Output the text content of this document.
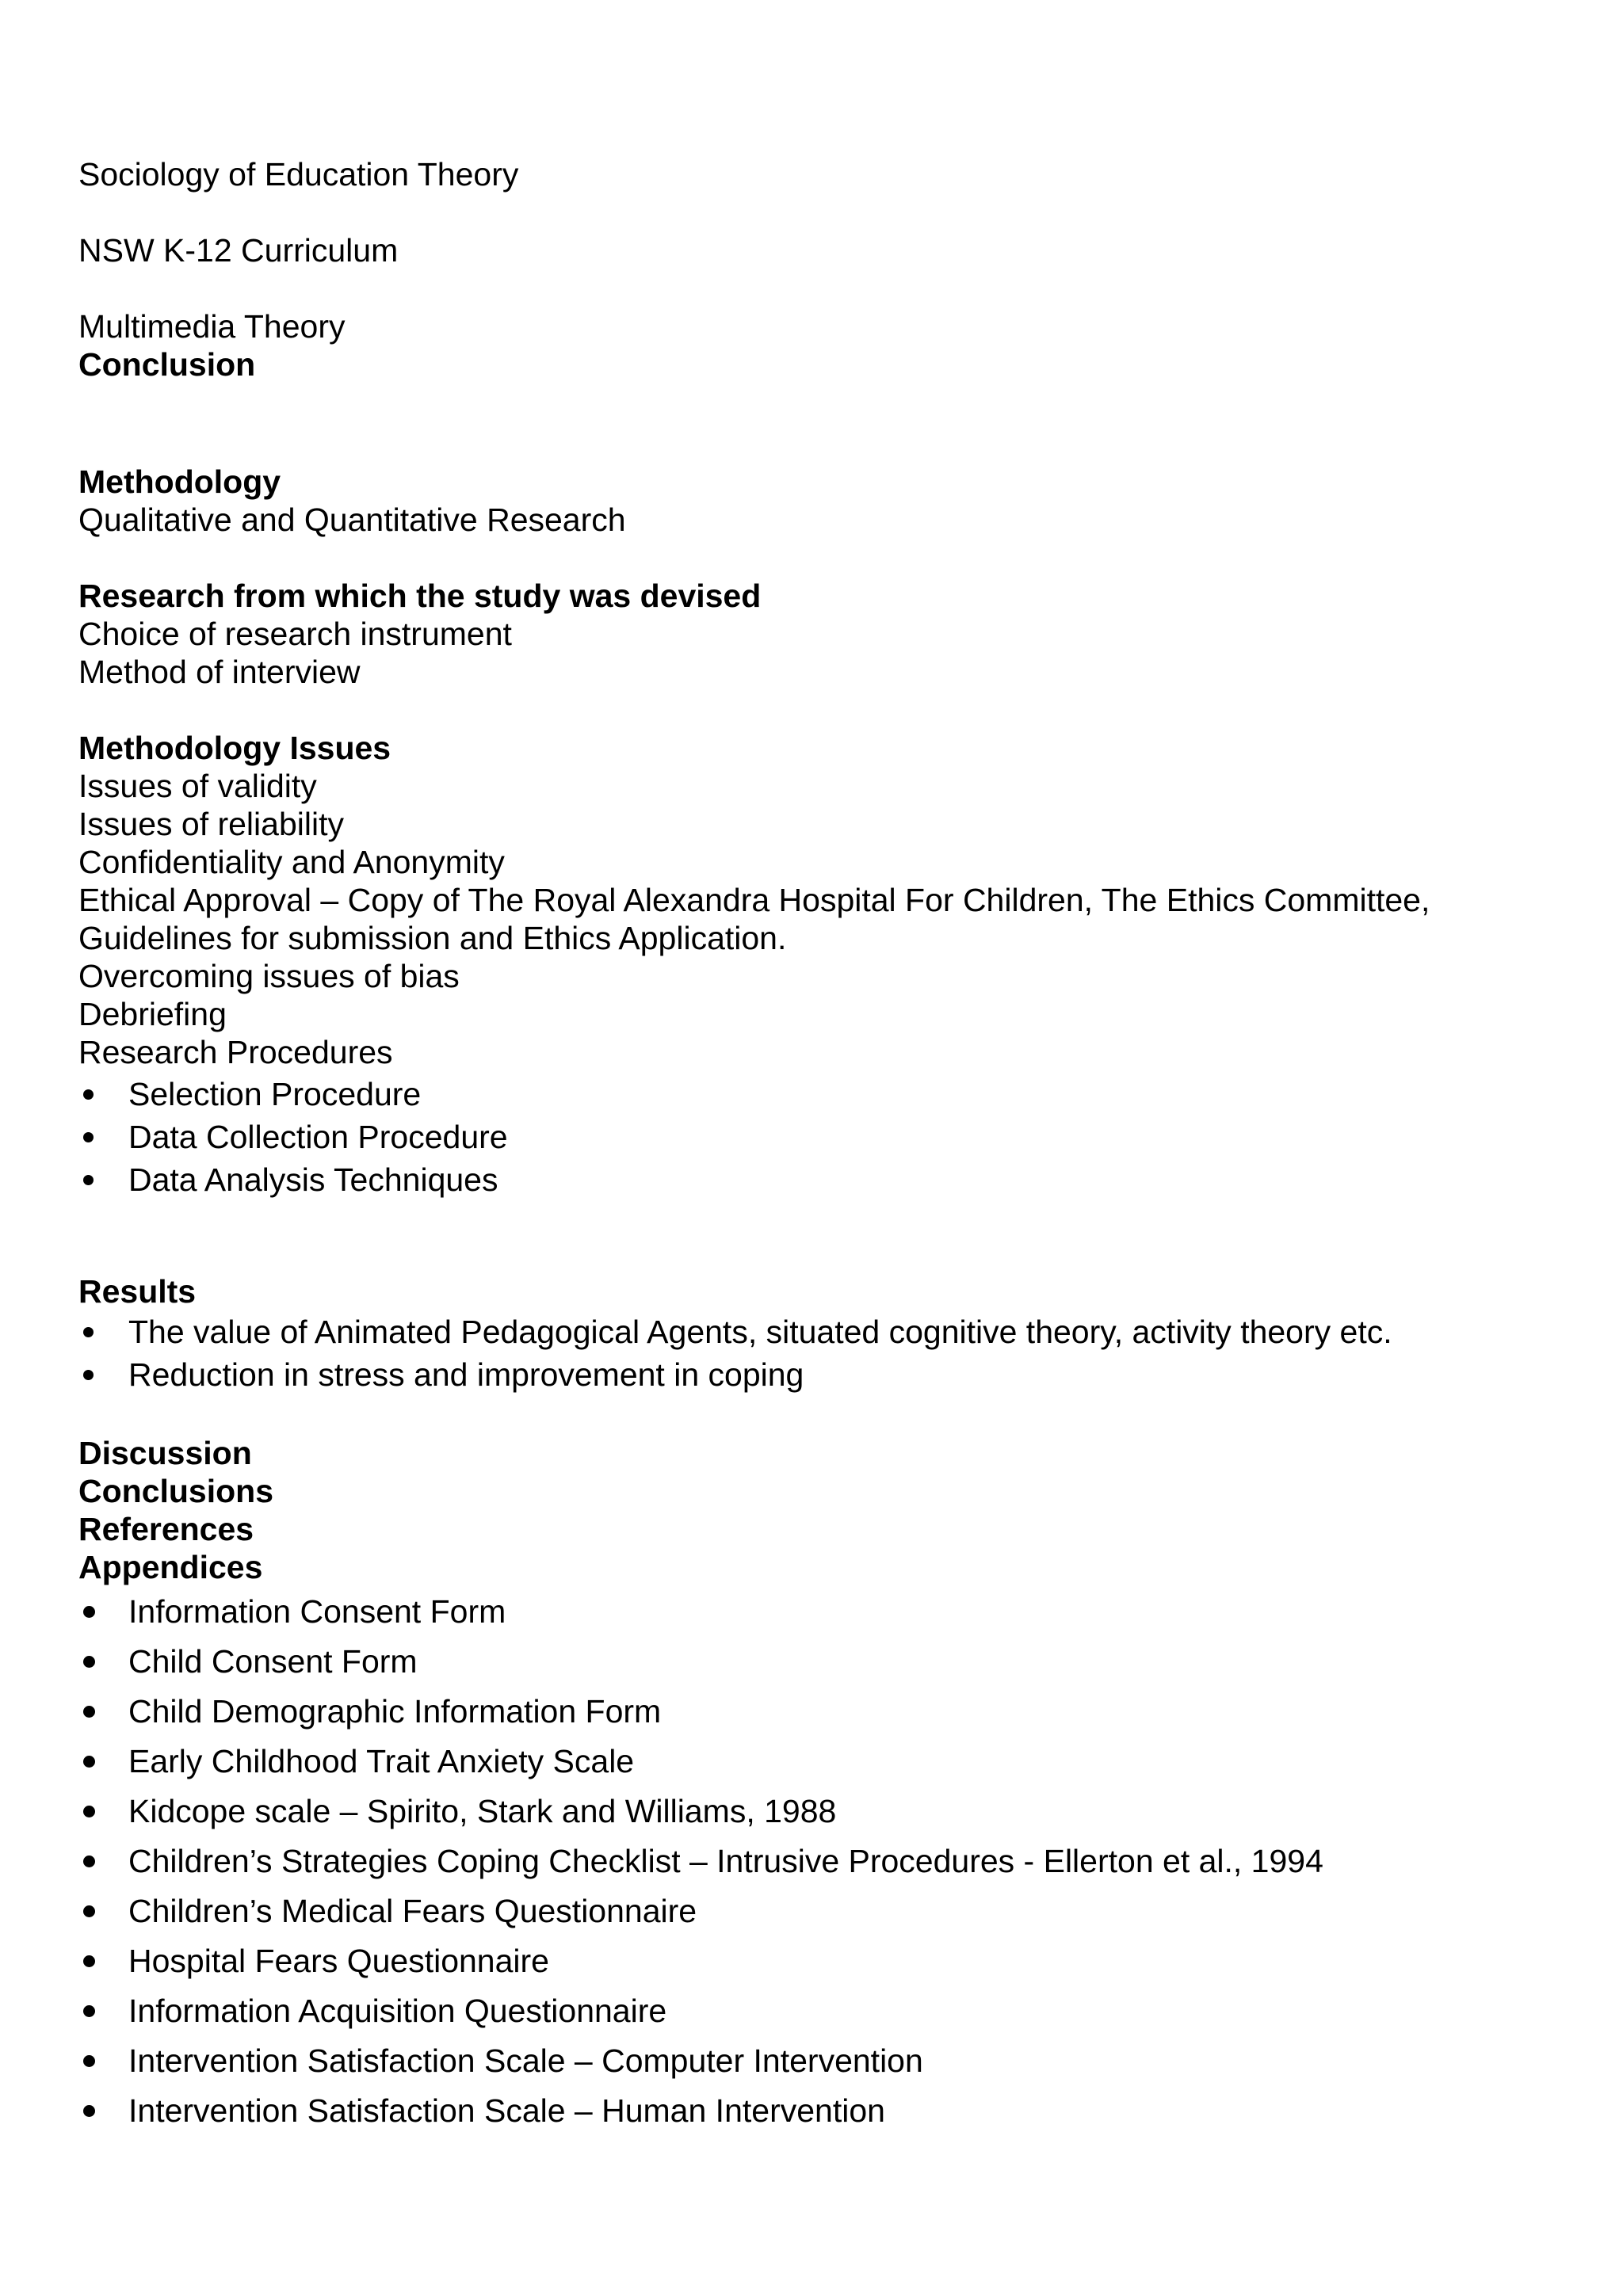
Sociology of Education Theory
NSW K-12 Curriculum
Multimedia Theory
Conclusion
Methodology
Qualitative and Quantitative Research
Research from which the study was devised
Choice of research instrument
Method of interview
Methodology Issues
Issues of validity
Issues of reliability
Confidentiality and Anonymity
Ethical Approval – Copy of The Royal Alexandra Hospital For Children, The Ethics Committee,
Guidelines for submission and Ethics Application.
Overcoming issues of bias
Debriefing
Research Procedures
Selection Procedure
Data Collection Procedure
Data Analysis Techniques
Results
The value of Animated Pedagogical Agents, situated cognitive theory, activity theory etc.
Reduction in stress and improvement in coping
Discussion
Conclusions
References
Appendices
Information Consent Form
Child Consent Form
Child Demographic Information Form
Early Childhood Trait Anxiety Scale
Kidcope scale – Spirito, Stark and Williams, 1988
Children’s Strategies Coping Checklist – Intrusive Procedures - Ellerton et al., 1994
Children’s Medical Fears Questionnaire
Hospital Fears Questionnaire
Information Acquisition Questionnaire
Intervention Satisfaction Scale – Computer Intervention
Intervention Satisfaction Scale – Human Intervention
